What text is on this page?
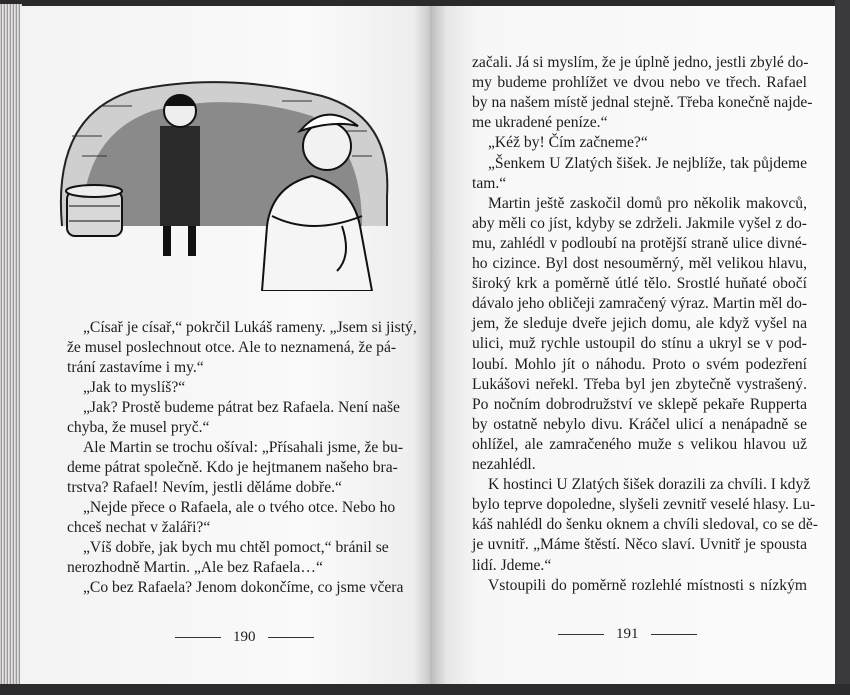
„Císař je císař,“ pokrčil Lukáš rameny. „Jsem si jistý,
že musel poslechnout otce. Ale to neznamená, že pá-
trání zastavíme i my.“
„Jak to myslíš?“
„Jak? Prostě budeme pátrat bez Rafaela. Není naše
chyba, že musel pryč.“
Ale Martin se trochu ošíval: „Přísahali jsme, že bu-
deme pátrat společně. Kdo je hejtmanem našeho bra-
trstva? Rafael! Nevím, jestli děláme dobře.“
„Nejde přece o Rafaela, ale o tvého otce. Nebo ho
chceš nechat v žaláři?“
„Víš dobře, jak bych mu chtěl pomoct,“ bránil se
nerozhodně Martin. „Ale bez Rafaela…“
„Co bez Rafaela? Jenom dokončíme, co jsme včera
190
začali. Já si myslím, že je úplně jedno, jestli zbylé do-
my budeme prohlížet ve dvou nebo ve třech. Rafael
by na našem místě jednal stejně. Třeba konečně najde-
me ukradené peníze.“
„Kéž by! Čím začneme?“
„Šenkem U Zlatých šišek. Je nejblíže, tak půjdeme
tam.“
Martin ještě zaskočil domů pro několik makovců,
aby měli co jíst, kdyby se zdrželi. Jakmile vyšel z do-
mu, zahlédl v podloubí na protější straně ulice divné-
ho cizince. Byl dost nesouměrný, měl velikou hlavu,
široký krk a poměrně útlé tělo. Srostlé huňaté obočí
dávalo jeho obličeji zamračený výraz. Martin měl do-
jem, že sleduje dveře jejich domu, ale když vyšel na
ulici, muž rychle ustoupil do stínu a ukryl se v pod-
loubí. Mohlo jít o náhodu. Proto o svém podezření
Lukášovi neřekl. Třeba byl jen zbytečně vystrašený.
Po nočním dobrodružství ve sklepě pekaře Rupperta
by ostatně nebylo divu. Kráčel ulicí a nenápadně se
ohlížel, ale zamračeného muže s velikou hlavou už
nezahlédl.
K hostinci U Zlatých šišek dorazili za chvíli. I když
bylo teprve dopoledne, slyšeli zevnitř veselé hlasy. Lu-
káš nahlédl do šenku oknem a chvíli sledoval, co se dě-
je uvnitř. „Máme štěstí. Něco slaví. Uvnitř je spousta
lidí. Jdeme.“
Vstoupili do poměrně rozlehlé místnosti s nízkým
191
